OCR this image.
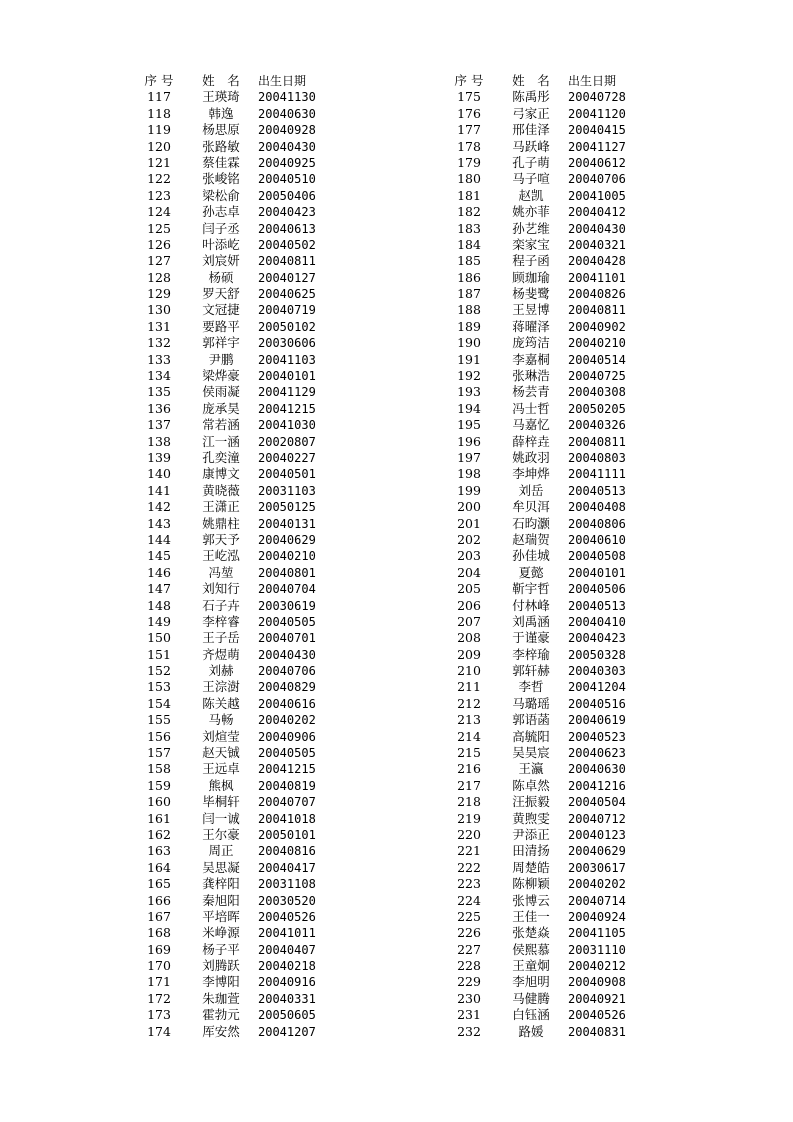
序 号	姓　名	出生日期
117	王瑛琦	20041130
118	韩逸	20040630
119	杨思原	20040928
120	张路敏	20040430
121	蔡佳霖	20040925
122	张峻铭	20040510
123	梁松俞	20050406
124	孙志卓	20040423
125	闫子丞	20040613
126	叶添屹	20040502
127	刘宸妍	20040811
128	杨硕	20040127
129	罗天舒	20040625
130	文冠捷	20040719
131	要路平	20050102
132	郭祥宇	20030606
133	尹鹏	20041103
134	梁烨豪	20040101
135	侯雨凝	20041129
136	庞承昊	20041215
137	常若涵	20041030
138	江一涵	20020807
139	孔奕潼	20040227
140	康博文	20040501
141	黄晓薇	20031103
142	王潇正	20050125
143	姚鼎柱	20040131
144	郭天予	20040629
145	王屹泓	20040210
146	冯堃	20040801
147	刘知行	20040704
148	石子卉	20030619
149	李梓睿	20040505
150	王子岳	20040701
151	齐煜萌	20040430
152	刘赫	20040706
153	王淙澍	20040829
154	陈关越	20040616
155	马畅	20040202
156	刘煊莹	20040906
157	赵天铖	20040505
158	王远卓	20041215
159	熊枫	20040819
160	毕桐轩	20040707
161	闫一诚	20041018
162	王尔豪	20050101
163	周正	20040816
164	吴思凝	20040417
165	龚梓阳	20031108
166	秦旭阳	20030520
167	平培晖	20040526
168	米峥源	20041011
169	杨子平	20040407
170	刘腾跃	20040218
171	李博阳	20040916
172	朱珈萱	20040331
173	霍勃元	20050605
174	厍安然	20041207
序 号	姓　名	出生日期
175	陈禹彤	20040728
176	弓家正	20041120
177	邢佳泽	20040415
178	马跃峰	20041127
179	孔子萌	20040612
180	马子喧	20040706
181	赵凯	20041005
182	姚亦菲	20040412
183	孙艺维	20040430
184	栾家宝	20040321
185	程子函	20040428
186	顾珈瑜	20041101
187	杨斐鹭	20040826
188	王昱博	20040811
189	蒋曜泽	20040902
190	庞筠洁	20040210
191	李嘉桐	20040514
192	张琳浩	20040725
193	杨芸青	20040308
194	冯士哲	20050205
195	马嘉忆	20040326
196	薛梓垚	20040811
197	姚政羽	20040803
198	李坤烨	20041111
199	刘岳	20040513
200	牟贝洱	20040408
201	石昀灏	20040806
202	赵瑞贺	20040610
203	孙佳城	20040508
204	夏懿	20040101
205	靳宇哲	20040506
206	付林峰	20040513
207	刘禹涵	20040410
208	于谨豪	20040423
209	李梓瑜	20050328
210	郭轩赫	20040303
211	李哲	20041204
212	马璐瑶	20040516
213	郭语菡	20040619
214	高毓阳	20040523
215	吴昊宸	20040623
216	王瀛	20040630
217	陈卓然	20041216
218	汪振毅	20040504
219	黄煦雯	20040712
220	尹添正	20040123
221	田清扬	20040629
222	周楚皓	20030617
223	陈柳颖	20040202
224	张博云	20040714
225	王佳一	20040924
226	张楚焱	20041105
227	侯熙慕	20031110
228	王童炯	20040212
229	李旭明	20040908
230	马健腾	20040921
231	白钰涵	20040526
232	路媛	20040831
